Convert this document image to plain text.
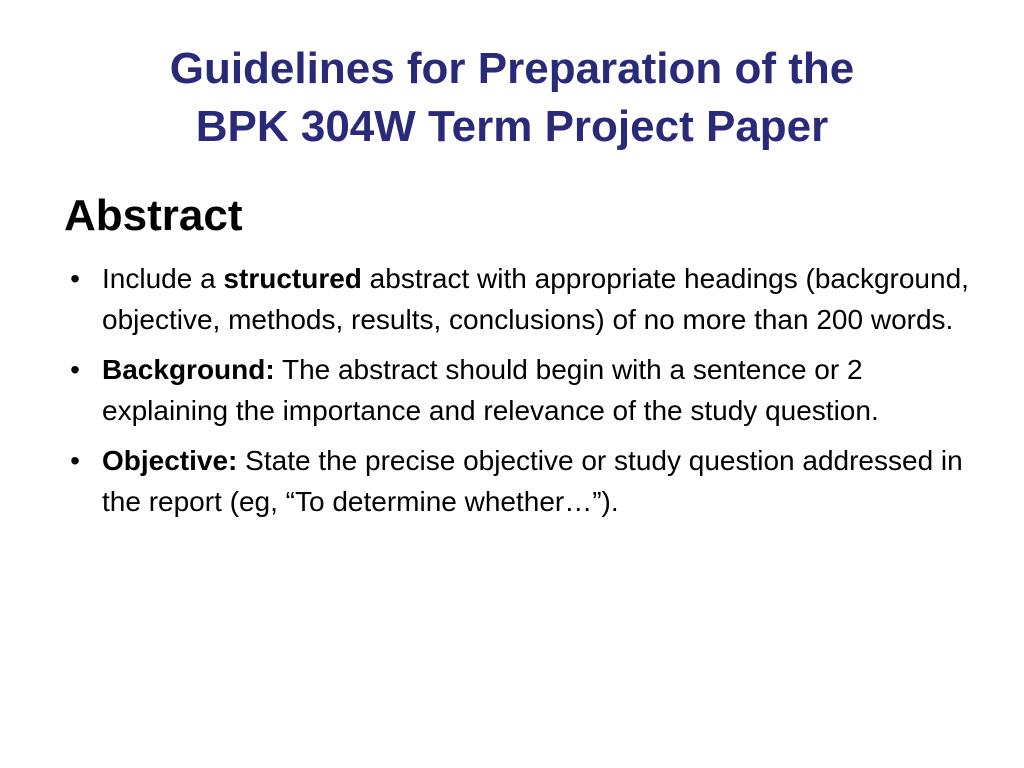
Guidelines for Preparation of the
BPK 304W Term Project Paper
Abstract
• Include a structured abstract with appropriate headings (background, objective, methods, results, conclusions) of no more than 200 words.
• Background: The abstract should begin with a sentence or 2 explaining the importance and relevance of the study question.
• Objective: State the precise objective or study question addressed in the report (eg, “To determine whether…”).
